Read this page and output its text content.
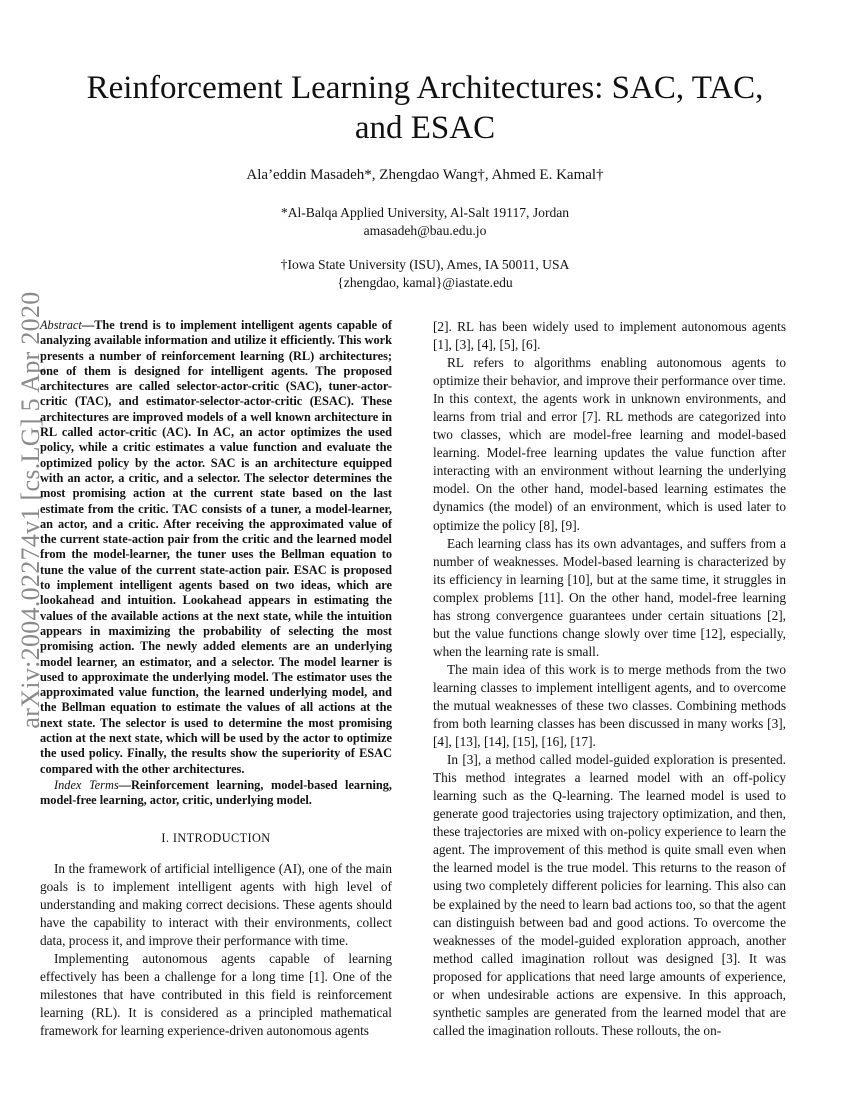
arXiv:2004.02274v1 [cs.LG] 5 Apr 2020
Reinforcement Learning Architectures: SAC, TAC, and ESAC
Ala’eddin Masadeh*, Zhengdao Wang†, Ahmed E. Kamal†
*Al-Balqa Applied University, Al-Salt 19117, Jordan
amasadeh@bau.edu.jo
†Iowa State University (ISU), Ames, IA 50011, USA
{zhengdao, kamal}@iastate.edu

Abstract—The trend is to implement intelligent agents capable of analyzing available information and utilize it efficiently. This work presents a number of reinforcement learning (RL) architectures; one of them is designed for intelligent agents. The proposed architectures are called selector-actor-critic (SAC), tuner-actor-critic (TAC), and estimator-selector-actor-critic (ESAC). These architectures are improved models of a well known architecture in RL called actor-critic (AC). In AC, an actor optimizes the used policy, while a critic estimates a value function and evaluate the optimized policy by the actor. SAC is an architecture equipped with an actor, a critic, and a selector. The selector determines the most promising action at the current state based on the last estimate from the critic. TAC consists of a tuner, a model-learner, an actor, and a critic. After receiving the approximated value of the current state-action pair from the critic and the learned model from the model-learner, the tuner uses the Bellman equation to tune the value of the current state-action pair. ESAC is proposed to implement intelligent agents based on two ideas, which are lookahead and intuition. Lookahead appears in estimating the values of the available actions at the next state, while the intuition appears in maximizing the probability of selecting the most promising action. The newly added elements are an underlying model learner, an estimator, and a selector. The model learner is used to approximate the underlying model. The estimator uses the approximated value function, the learned underlying model, and the Bellman equation to estimate the values of all actions at the next state. The selector is used to determine the most promising action at the next state, which will be used by the actor to optimize the used policy. Finally, the results show the superiority of ESAC compared with the other architectures.

Index Terms—Reinforcement learning, model-based learning, model-free learning, actor, critic, underlying model.

I. INTRODUCTION

In the framework of artificial intelligence (AI), one of the main goals is to implement intelligent agents with high level of understanding and making correct decisions. These agents should have the capability to interact with their environments, collect data, process it, and improve their performance with time.

Implementing autonomous agents capable of learning effectively has been a challenge for a long time [1]. One of the milestones that have contributed in this field is reinforcement learning (RL). It is considered as a principled mathematical framework for learning experience-driven autonomous agents

[2]. RL has been widely used to implement autonomous agents [1], [3], [4], [5], [6].

RL refers to algorithms enabling autonomous agents to optimize their behavior, and improve their performance over time. In this context, the agents work in unknown environments, and learns from trial and error [7]. RL methods are categorized into two classes, which are model-free learning and model-based learning. Model-free learning updates the value function after interacting with an environment without learning the underlying model. On the other hand, model-based learning estimates the dynamics (the model) of an environment, which is used later to optimize the policy [8], [9].

Each learning class has its own advantages, and suffers from a number of weaknesses. Model-based learning is characterized by its efficiency in learning [10], but at the same time, it struggles in complex problems [11]. On the other hand, model-free learning has strong convergence guarantees under certain situations [2], but the value functions change slowly over time [12], especially, when the learning rate is small.

The main idea of this work is to merge methods from the two learning classes to implement intelligent agents, and to overcome the mutual weaknesses of these two classes. Combining methods from both learning classes has been discussed in many works [3], [4], [13], [14], [15], [16], [17].

In [3], a method called model-guided exploration is presented. This method integrates a learned model with an off-policy learning such as the Q-learning. The learned model is used to generate good trajectories using trajectory optimization, and then, these trajectories are mixed with on-policy experience to learn the agent. The improvement of this method is quite small even when the learned model is the true model. This returns to the reason of using two completely different policies for learning. This also can be explained by the need to learn bad actions too, so that the agent can distinguish between bad and good actions. To overcome the weaknesses of the model-guided exploration approach, another method called imagination rollout was designed [3]. It was proposed for applications that need large amounts of experience, or when undesirable actions are expensive. In this approach, synthetic samples are generated from the learned model that are called the imagination rollouts. These rollouts, the on-
